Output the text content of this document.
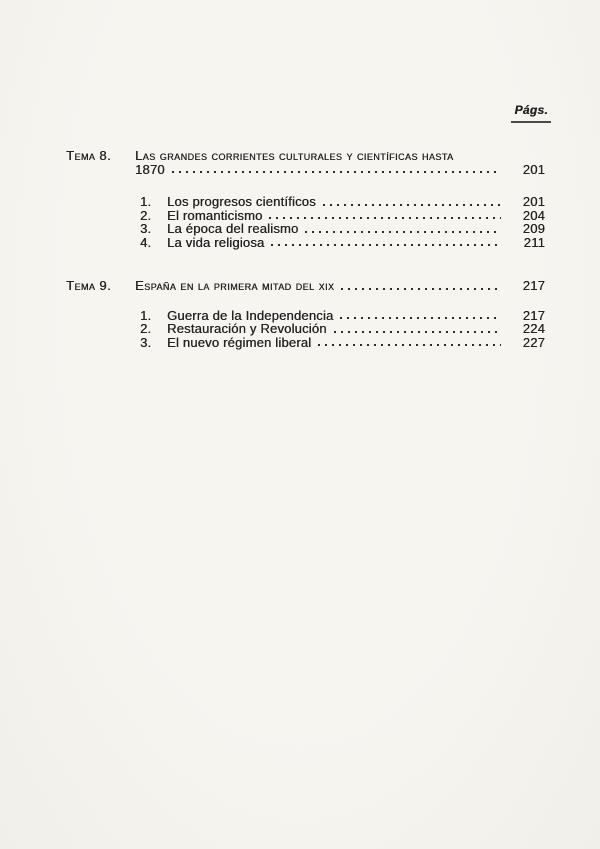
Págs.
Tema 8.	Las grandes corrientes culturales y científicas hasta
1870	201
1.	Los progresos científicos	201
2.	El romanticismo	204
3.	La época del realismo	209
4.	La vida religiosa	211
Tema 9.	España en la primera mitad del xix	217
1.	Guerra de la Independencia	217
2.	Restauración y Revolución	224
3.	El nuevo régimen liberal	227
